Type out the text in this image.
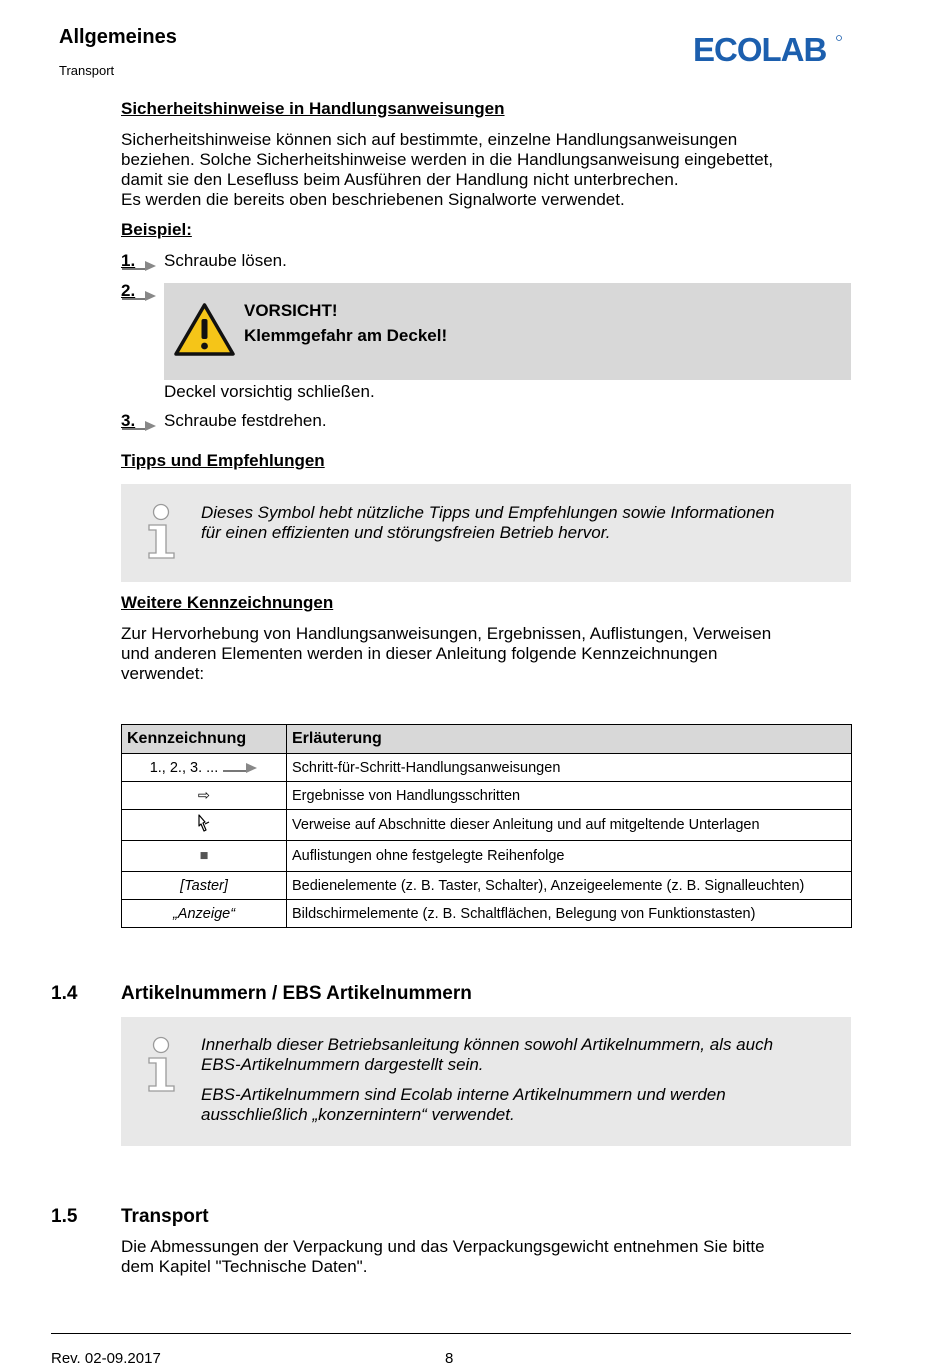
Allgemeines
Transport
ECOLAB
Sicherheitshinweise in Handlungsanweisungen

Sicherheitshinweise können sich auf bestimmte, einzelne Handlungsanweisungen

beziehen. Solche Sicherheitshinweise werden in die Handlungsanweisung eingebettet,

damit sie den Lesefluss beim Ausführen der Handlung nicht unterbrechen.

Es werden die bereits oben beschriebenen Signalworte verwendet.

Beispiel:
1. Schraube lösen.
2.
VORSICHT!
Klemmgefahr am Deckel!
Deckel vorsichtig schließen.
3. Schraube festdrehen.
Tipps und Empfehlungen

Dieses Symbol hebt nützliche Tipps und Empfehlungen sowie Informationen
für einen effizienten und störungsfreien Betrieb hervor.

Weitere Kennzeichnungen

Zur Hervorhebung von Handlungsanweisungen, Ergebnissen, Auflistungen, Verweisen

und anderen Elementen werden in dieser Anleitung folgende Kennzeichnungen

verwendet:

Kennzeichnung	Erläuterung
1., 2., 3. ...	Schritt-für-Schritt-Handlungsanweisungen
⇨	Ergebnisse von Handlungsschritten
	Verweise auf Abschnitte dieser Anleitung und auf mitgeltende Unterlagen
■	Auflistungen ohne festgelegte Reihenfolge
[Taster]	Bedienelemente (z. B. Taster, Schalter), Anzeigeelemente (z. B. Signalleuchten)
„Anzeige“	Bildschirmelemente (z. B. Schaltflächen, Belegung von Funktionstasten)
1.4 Artikelnummern / EBS Artikelnummern

Innerhalb dieser Betriebsanleitung können sowohl Artikelnummern, als auch
EBS-Artikelnummern dargestellt sein.

EBS-Artikelnummern sind Ecolab interne Artikelnummern und werden
ausschließlich „konzernintern“ verwendet.

1.5 Transport

Die Abmessungen der Verpackung und das Verpackungsgewicht entnehmen Sie bitte

dem Kapitel "Technische Daten".

Rev. 02-09.2017	8
